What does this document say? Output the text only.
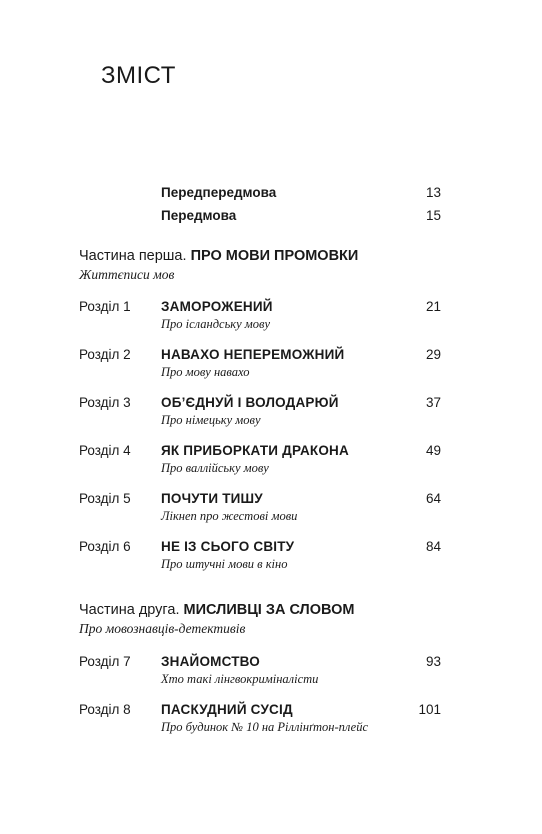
ЗМІСТ
Передпередмова	13
Передмова	15
Частина перша. ПРО МОВИ ПРОМОВКИ
Життєписи мов
Розділ 1 ЗАМОРОЖЕНИЙ
Про ісландську мову
21
Розділ 2 НАВАХО НЕПЕРЕМОЖНИЙ
Про мову навахо
29
Розділ 3 ОБ’ЄДНУЙ І ВОЛОДАРЮЙ
Про німецьку мову
37
Розділ 4 ЯК ПРИБОРКАТИ ДРАКОНА
Про валлійську мову
49
Розділ 5 ПОЧУТИ ТИШУ
Лікнеп про жестові мови
64
Розділ 6 НЕ ІЗ СЬОГО СВІТУ
Про штучні мови в кіно
84
Частина друга. МИСЛИВЦІ ЗА СЛОВОМ
Про мовознавців-детективів
Розділ 7 ЗНАЙОМСТВО
Хто такі лінгвокриміналісти
93
Розділ 8 ПАСКУДНИЙ СУСІД
Про будинок № 10 на Ріллінґтон-плейс
101
